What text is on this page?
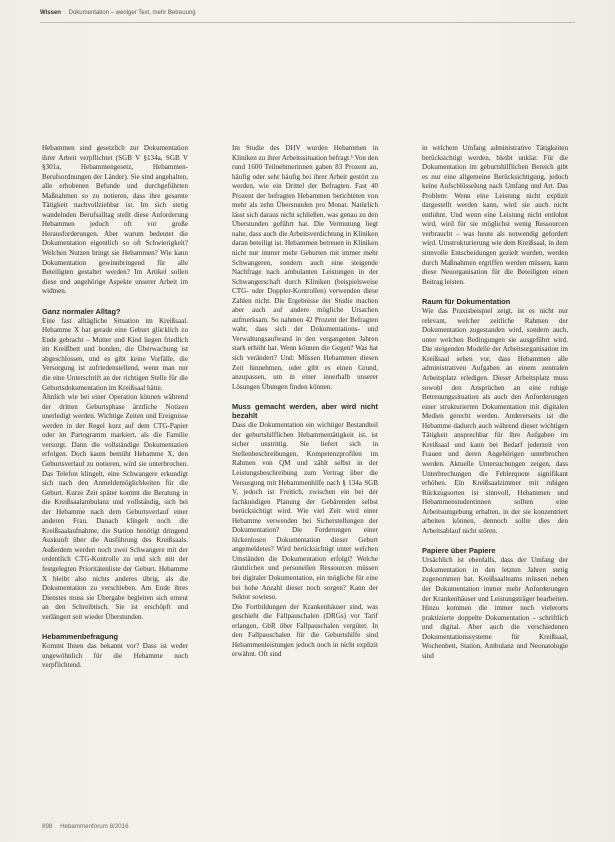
Wissen Dokumentation – weniger Text, mehr Betreuung

Hebammen sind gesetzlich zur Dokumentation ihrer Arbeit verpflichtet (SGB V §134a, SGB V §301a, Hebammengesetz, Hebammen-Berufsordnungen der Länder). Sie sind angehalten, alle erhobenen Befunde und durchgeführten Maßnahmen so zu notieren, dass ihre gesamte Tätigkeit nachvollziehbar ist. Im sich stetig wandelnden Berufsalltag stellt diese Anforderung Hebammen jedoch oft vor große Herausforderungen. Aber warum bedeutet die Dokumentation eigentlich so oft Schwierigkeit? Welchen Nutzen bringt sie Hebammen? Wie kann Dokumentation gewinnbringend für alle Beteiligten gestaltet werden? Im Artikel sollen diese und angehörige Aspekte unserer Arbeit im widmen.

Ganz normaler Alltag?

Eine fast alltägliche Situation im Kreißsaal. Hebamme X hat gerade eine Geburt glücklich zu Ende gebracht – Mutter und Kind liegen friedlich im Kreißbett und bonden, die Überwachung ist abgeschlossen, und es gibt keine Vorfälle, die Versorgung ist zufriedenstellend, wenn man nur die eine Unterschrift an der richtigen Stelle für die Geburtsdokumentation im Kreißsaal hätte.

Ähnlich wie bei einer Operation können während der dritten Geburtsphase ärztliche Notizen unerledigt werden. Wichtige Zeiten und Ereignisse werden in der Regel kurz auf dem CTG-Papier oder im Partogramm markiert, als die Familie versorgt. Dann die vollständige Dokumentation erfolgen. Doch kaum bemüht Hebamme X, den Geburtsverlauf zu notieren, wird sie unterbrochen. Das Telefon klingelt, eine Schwangere erkundigt sich nach den Anmeldemöglichkeiten für die Geburt. Kurze Zeit später kommt die Beratung in die Kreißsaalambulanz und vollständig, sich bei der Hebamme nach dem Geburtsverlauf einer anderen Frau. Danach klingelt noch die Kreißsaalaufnahme, die Station benötigt dringend Auskunft über die Ausführung des Kreißsaals. Außerdem werden noch zwei Schwangere mit der ordentlich CTG-Kontrolle zu und sich mit der festgelegten Prioritätenliste der Geburt. Hebamme X bleibt also nichts anderes übrig, als die Dokumentation zu verschieben. Am Ende ihres Dienstes muss sie Übergabe begleiten sich erneut an den Schreibtisch. Sie ist erschöpft und verlängert seit wieder Überstunden.

Hebammenbefragung

Kommt Ihnen das bekannt vor? Dass ist weder ungewöhnlich für die Hebamme noch verpflichtend.

Im Studie des DHV wurden Hebammen in Kliniken zu ihrer Arbeitssituation befragt.¹ Von den rund 1600 Teilnehmerinnen gaben 83 Prozent an, häufig oder sehr häufig bei ihrer Arbeit gestört zu werden, wie ein Drittel der Befragten. Fast 40 Prozent der befragten Hebammen berichteten von mehr als zehn Überstunden pro Monat. Natürlich lässt sich daraus nicht schließen, was genau zu den Überstunden geführt hat. Die Vermutung liegt nahe, dass auch die Arbeitsverdichtung in Kliniken daran beteiligt ist. Hebammen betreuen in Kliniken nicht nur immer mehr Geburten mit immer mehr Schwangeren, sondern auch eine steigende Nachfrage nach ambulanten Leistungen in der Schwangerschaft durch Kliniken (beispielsweise CTG- oder Doppler-Kontrollen) verwenden diese Zahlen nicht. Die Ergebnisse der Studie machen aber auch auf andere mögliche Ursachen aufmerksam. So nahmen 42 Prozent der Befragten wahr, dass sich der Dokumentations- und Verwaltungsaufwand in den vergangenen Jahren stark erhöht hat. Wenn können die Gegen? Was hat sich verändert? Und: Müssen Hebammen diesen Zeit hinnehmen, oder gibt es einen Grund, anzupassen, um in einer innerhalb unserer Lösungen Übungen finden können.

Muss gemacht werden, aber wird nicht bezahlt

Dass die Dokumentation ein wichtiger Bestandteil der geburtshilflichen Hebammentätigkeit ist, ist sicher unstrittig. Sie liefert sich in Stellenbeschreibungen, Kompetenzprofilen im Rahmen von QM und zählt selbst in der Leistungsbeschreibung zum Vertrag über die Versorgung mit Hebammenhilfe nach § 134a SGB V, jedoch ist Freitich, zwischen ein bei der fachkundigen Planung der Gebärenden selbst berücksichtigt wird. Wie viel Zeit wird einer Hebamme verwenden bei Sicherstellungen der Dokumentation? Die Forderungen einer lückenlosen Dokumentation dieser Geburt angemeldetes? Wird berücksichtigt unter welchen Umständen die Dokumentation erfolgt? Welche räumlichen und personellen Ressourcen müssen bei digitaler Dokumentation, ein mögliche für eine bei hohe Anzahl dieser noch sorgen? Kann der Sektor sowieso.

Die Fortbildungen der Krankenhäuser sind, was geschieht die Fallpauschalen (DRGs) vor Tarif erlangen, GbR über Fallpauschalen vergütet. In den Fallpauschalen für die Geburtshilfe sind Hebammenleistungen jedoch noch in nicht explizit erwähnt. Oft sind

in welchem Umfang administrative Tätigkeiten berücksichtigt werden, bleibt unklar. Für die Dokumentation im geburtshilflichen Bereich gibt es nur eine allgemeine Berücksichtigung, jedoch keine Aufschlüsselung nach Umfang und Art. Das Problem: Wenn eine Leistung nicht explizit dargestellt werden kann, wird sie auch nicht entlohnt. Und wenn eine Leistung nicht entlohnt wird, wird für sie möglichst wenig Ressourcen verbraucht – was heute als notwendig gefordert wird. Umstrukturierung wie dem Kreißsaal, in dem sinnvolle Entscheidungen gezielt wurden, werden durch Maßnahmen ergriffen werden müssen, kann diese Neuorganisation für die Beteiligten einen Beitrag leisten.

Raum für Dokumentation

Wie das Praxisbeispiel zeigt, ist es nicht nur relevant, welcher zeitliche Rahmen der Dokumentation zugestanden wird, sondern auch, unter welchen Bedingungen sie ausgeführt wird. Die steigenden Modelle der Arbeitsorganisation im Kreißsaal sehen vor, dass Hebammen alle administrativen Aufgaben an einem zentralen Arbeitsplatz erledigen. Dieser Arbeitsplatz muss sowohl den Ansprüchen an eine ruhige Betreuungssituation als auch den Anforderungen einer strukturierten Dokumentation mit digitalen Medien gerecht werden. Andererseits ist die Hebamme dadurch auch während dieser wichtigen Tätigkeit ansprechbar für ihre Aufgaben im Kreißsaal und kann bei Bedarf jederzeit von Frauen und deren Angehörigen unterbrochen werden. Aktuelle Untersuchungen zeigen, dass Unterbrechungen die Fehlerquote signifikant erhöhen. Ein Kreißsaalzimmer mit ruhigen Rückzugsorten ist sinnvoll, Hebammen und Hebammenstudentinnen sollten eine Arbeitsumgebung erhalten, in der sie konzentriert arbeiten können, dennoch sollte dies den Arbeitsablauf nicht stören.

Papiere über Papiere

Ursächlich ist ebenfalls, dass der Umfang der Dokumentation in den letzten Jahren stetig zugenommen hat. Kreißsaalteams müssen neben der Dokumentation immer mehr Anforderungen der Krankenhäuser und Leistungsträger bearbeiten. Hinzu kommen die immer noch vielerorts praktizierte doppelte Dokumentation – schriftlich und digital. Aber auch die verschiedenen Dokumentationssysteme für Kreißsaal, Wochenbett, Station, Ambulanz und Neonatologie sind

898 Hebammenforum 8/2016
